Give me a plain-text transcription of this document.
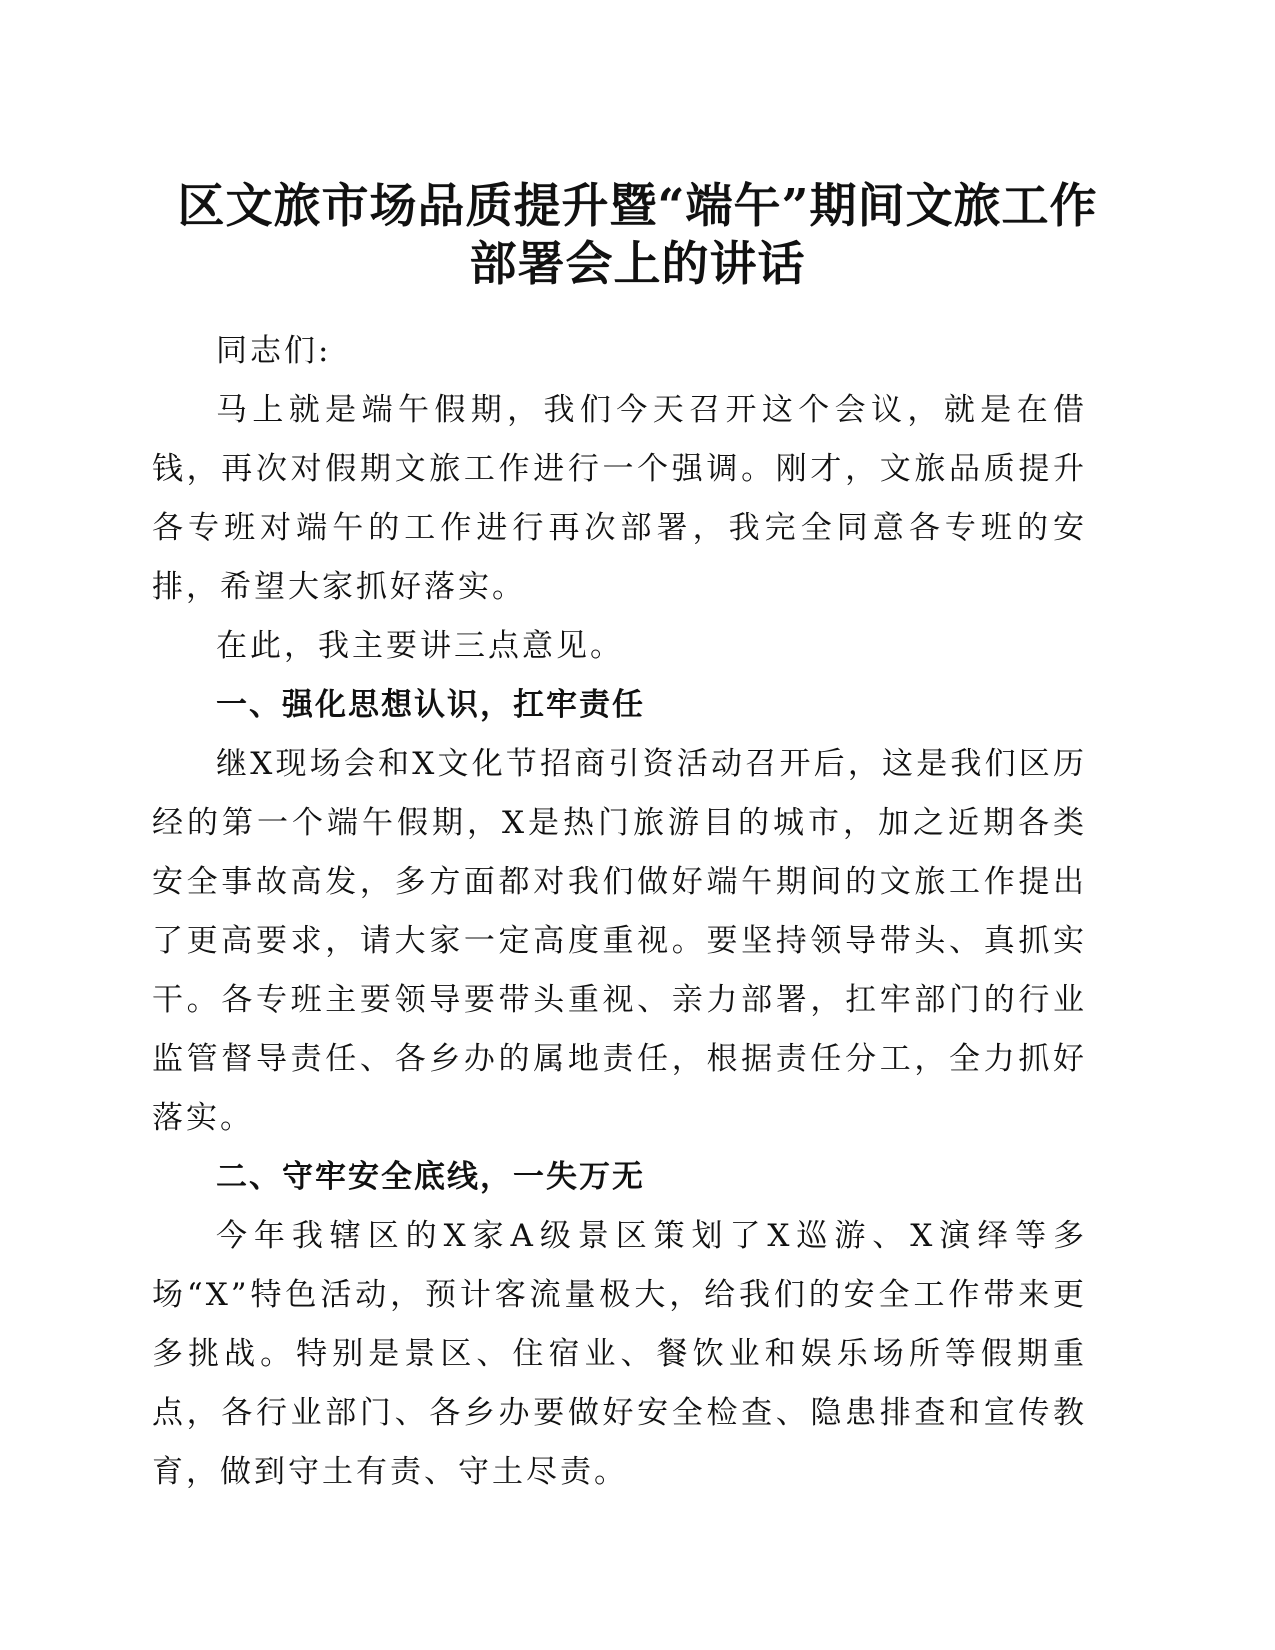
区文旅市场品质提升暨“端午”期间文旅工作
部署会上的讲话

同志们:

马上就是端午假期，我们今天召开这个会议，就是在借钱，再次对假期文旅工作进行一个强调。刚才，文旅品质提升各专班对端午的工作进行再次部署，我完全同意各专班的安排，希望大家抓好落实。

在此，我主要讲三点意见。

一、强化思想认识，扛牢责任

继X现场会和X文化节招商引资活动召开后，这是我们区历经的第一个端午假期，X是热门旅游目的城市，加之近期各类安全事故高发，多方面都对我们做好端午期间的文旅工作提出了更高要求，请大家一定高度重视。要坚持领导带头、真抓实干。各专班主要领导要带头重视、亲力部署，扛牢部门的行业监管督导责任、各乡办的属地责任，根据责任分工，全力抓好落实。

二、守牢安全底线，一失万无

今年我辖区的X家A级景区策划了X巡游、X演绎等多场“X”特色活动，预计客流量极大，给我们的安全工作带来更多挑战。特别是景区、住宿业、餐饮业和娱乐场所等假期重点，各行业部门、各乡办要做好安全检查、隐患排查和宣传教育，做到守土有责、守土尽责。
